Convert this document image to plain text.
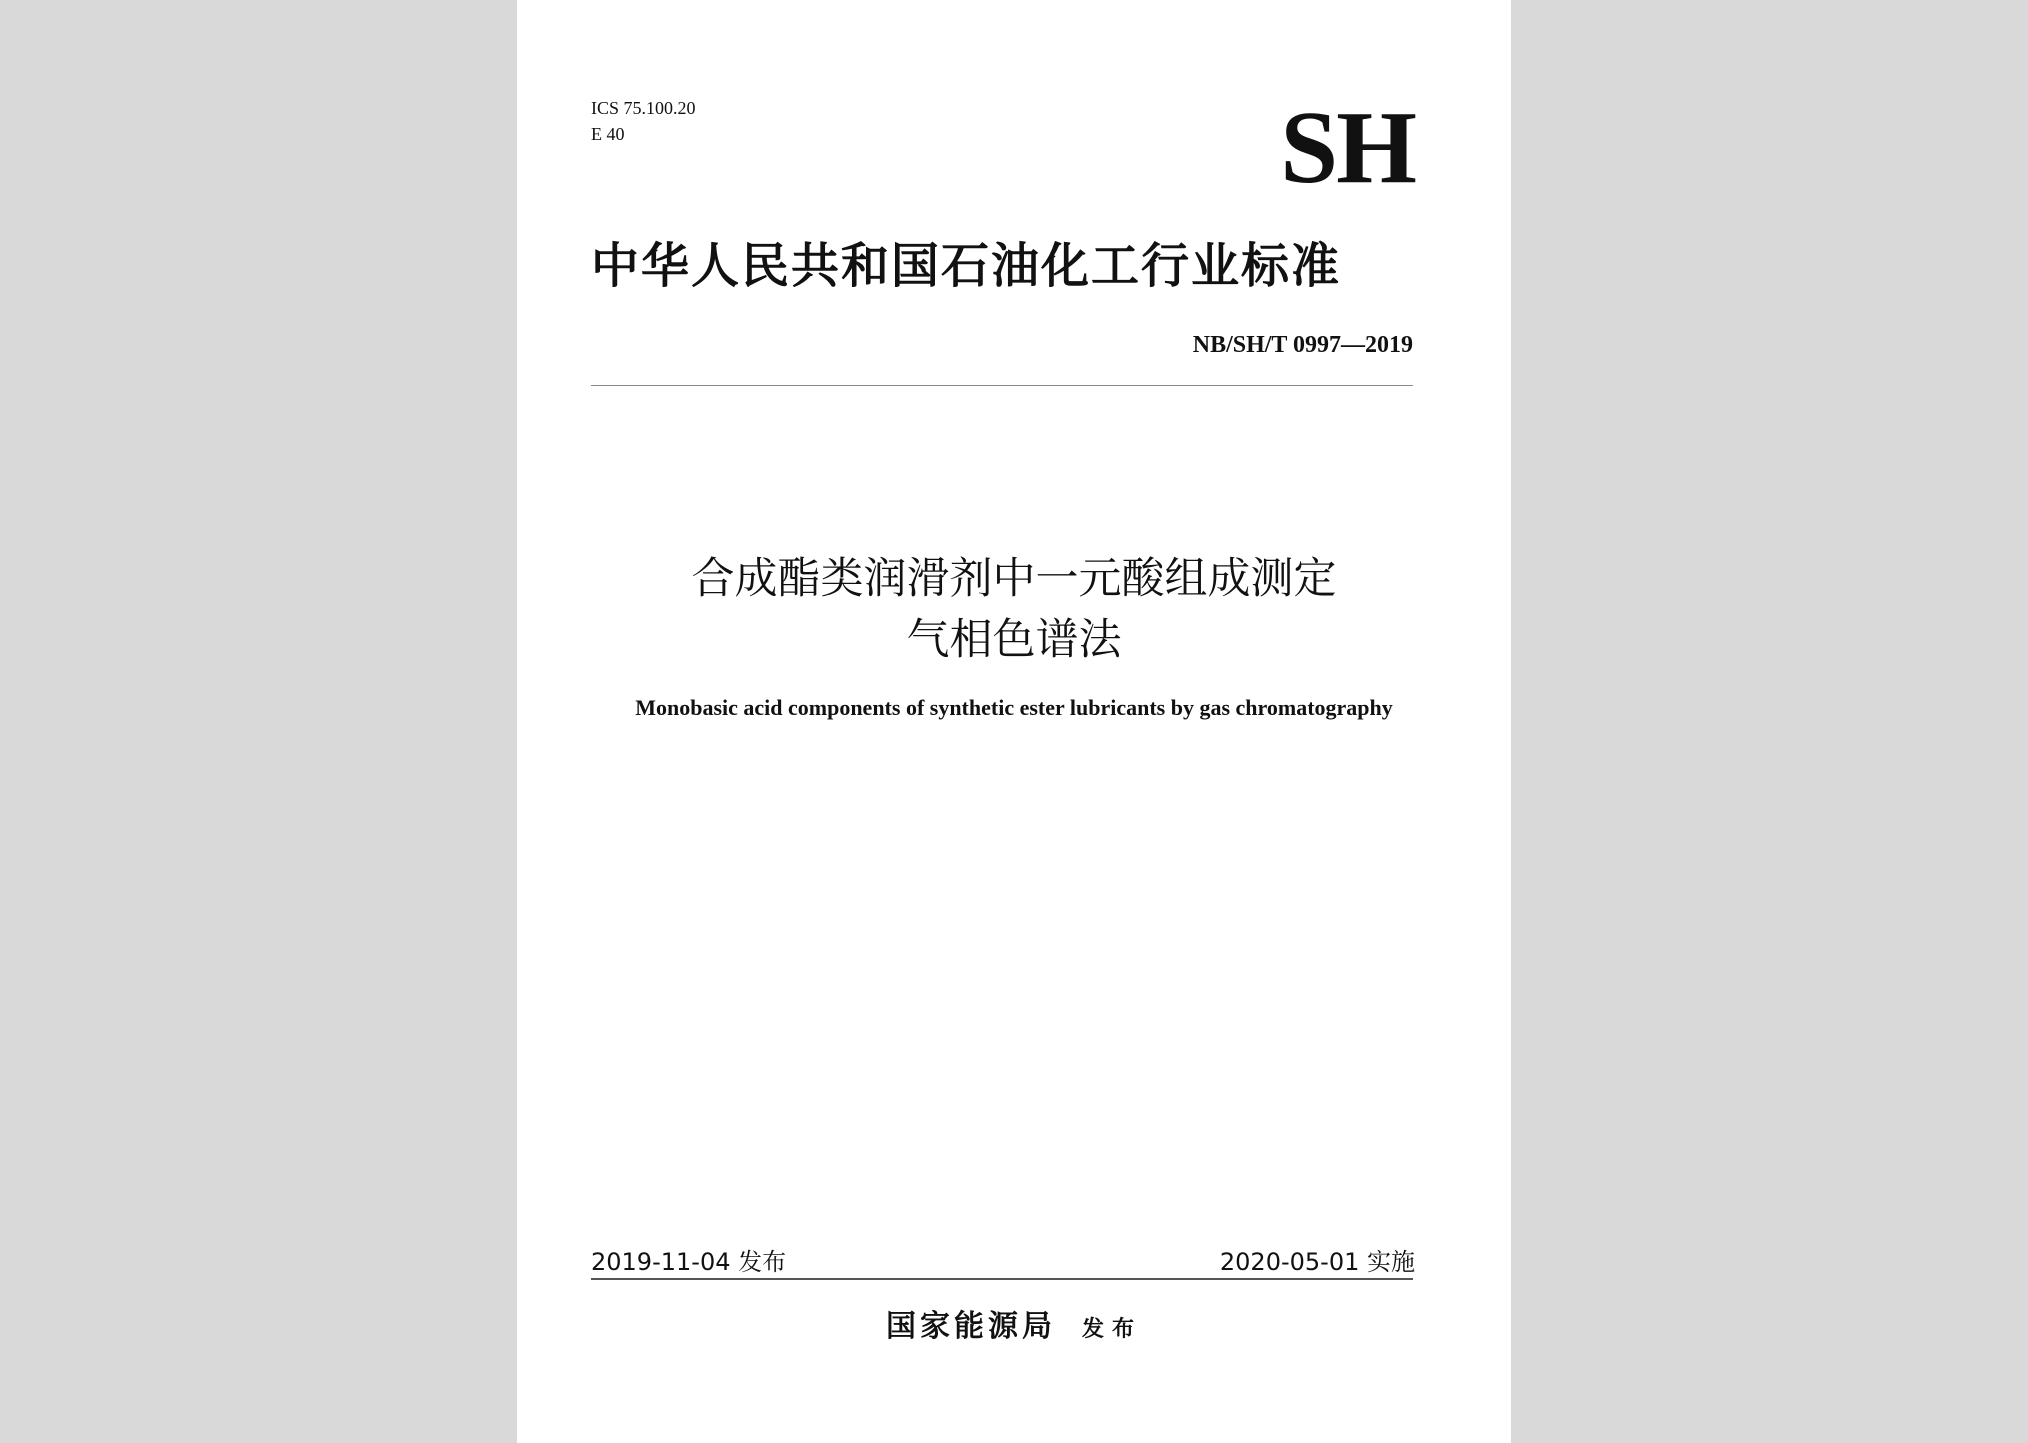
ICS 75.100.20
E 40	SH
中华人民共和国石油化工行业标准
NB/SH/T 0997—2019
合成酯类润滑剂中一元酸组成测定
气相色谱法
Monobasic acid components of synthetic ester lubricants by gas chromatography
2019-11-04 发布	2020-05-01 实施
国家能源局 发布
